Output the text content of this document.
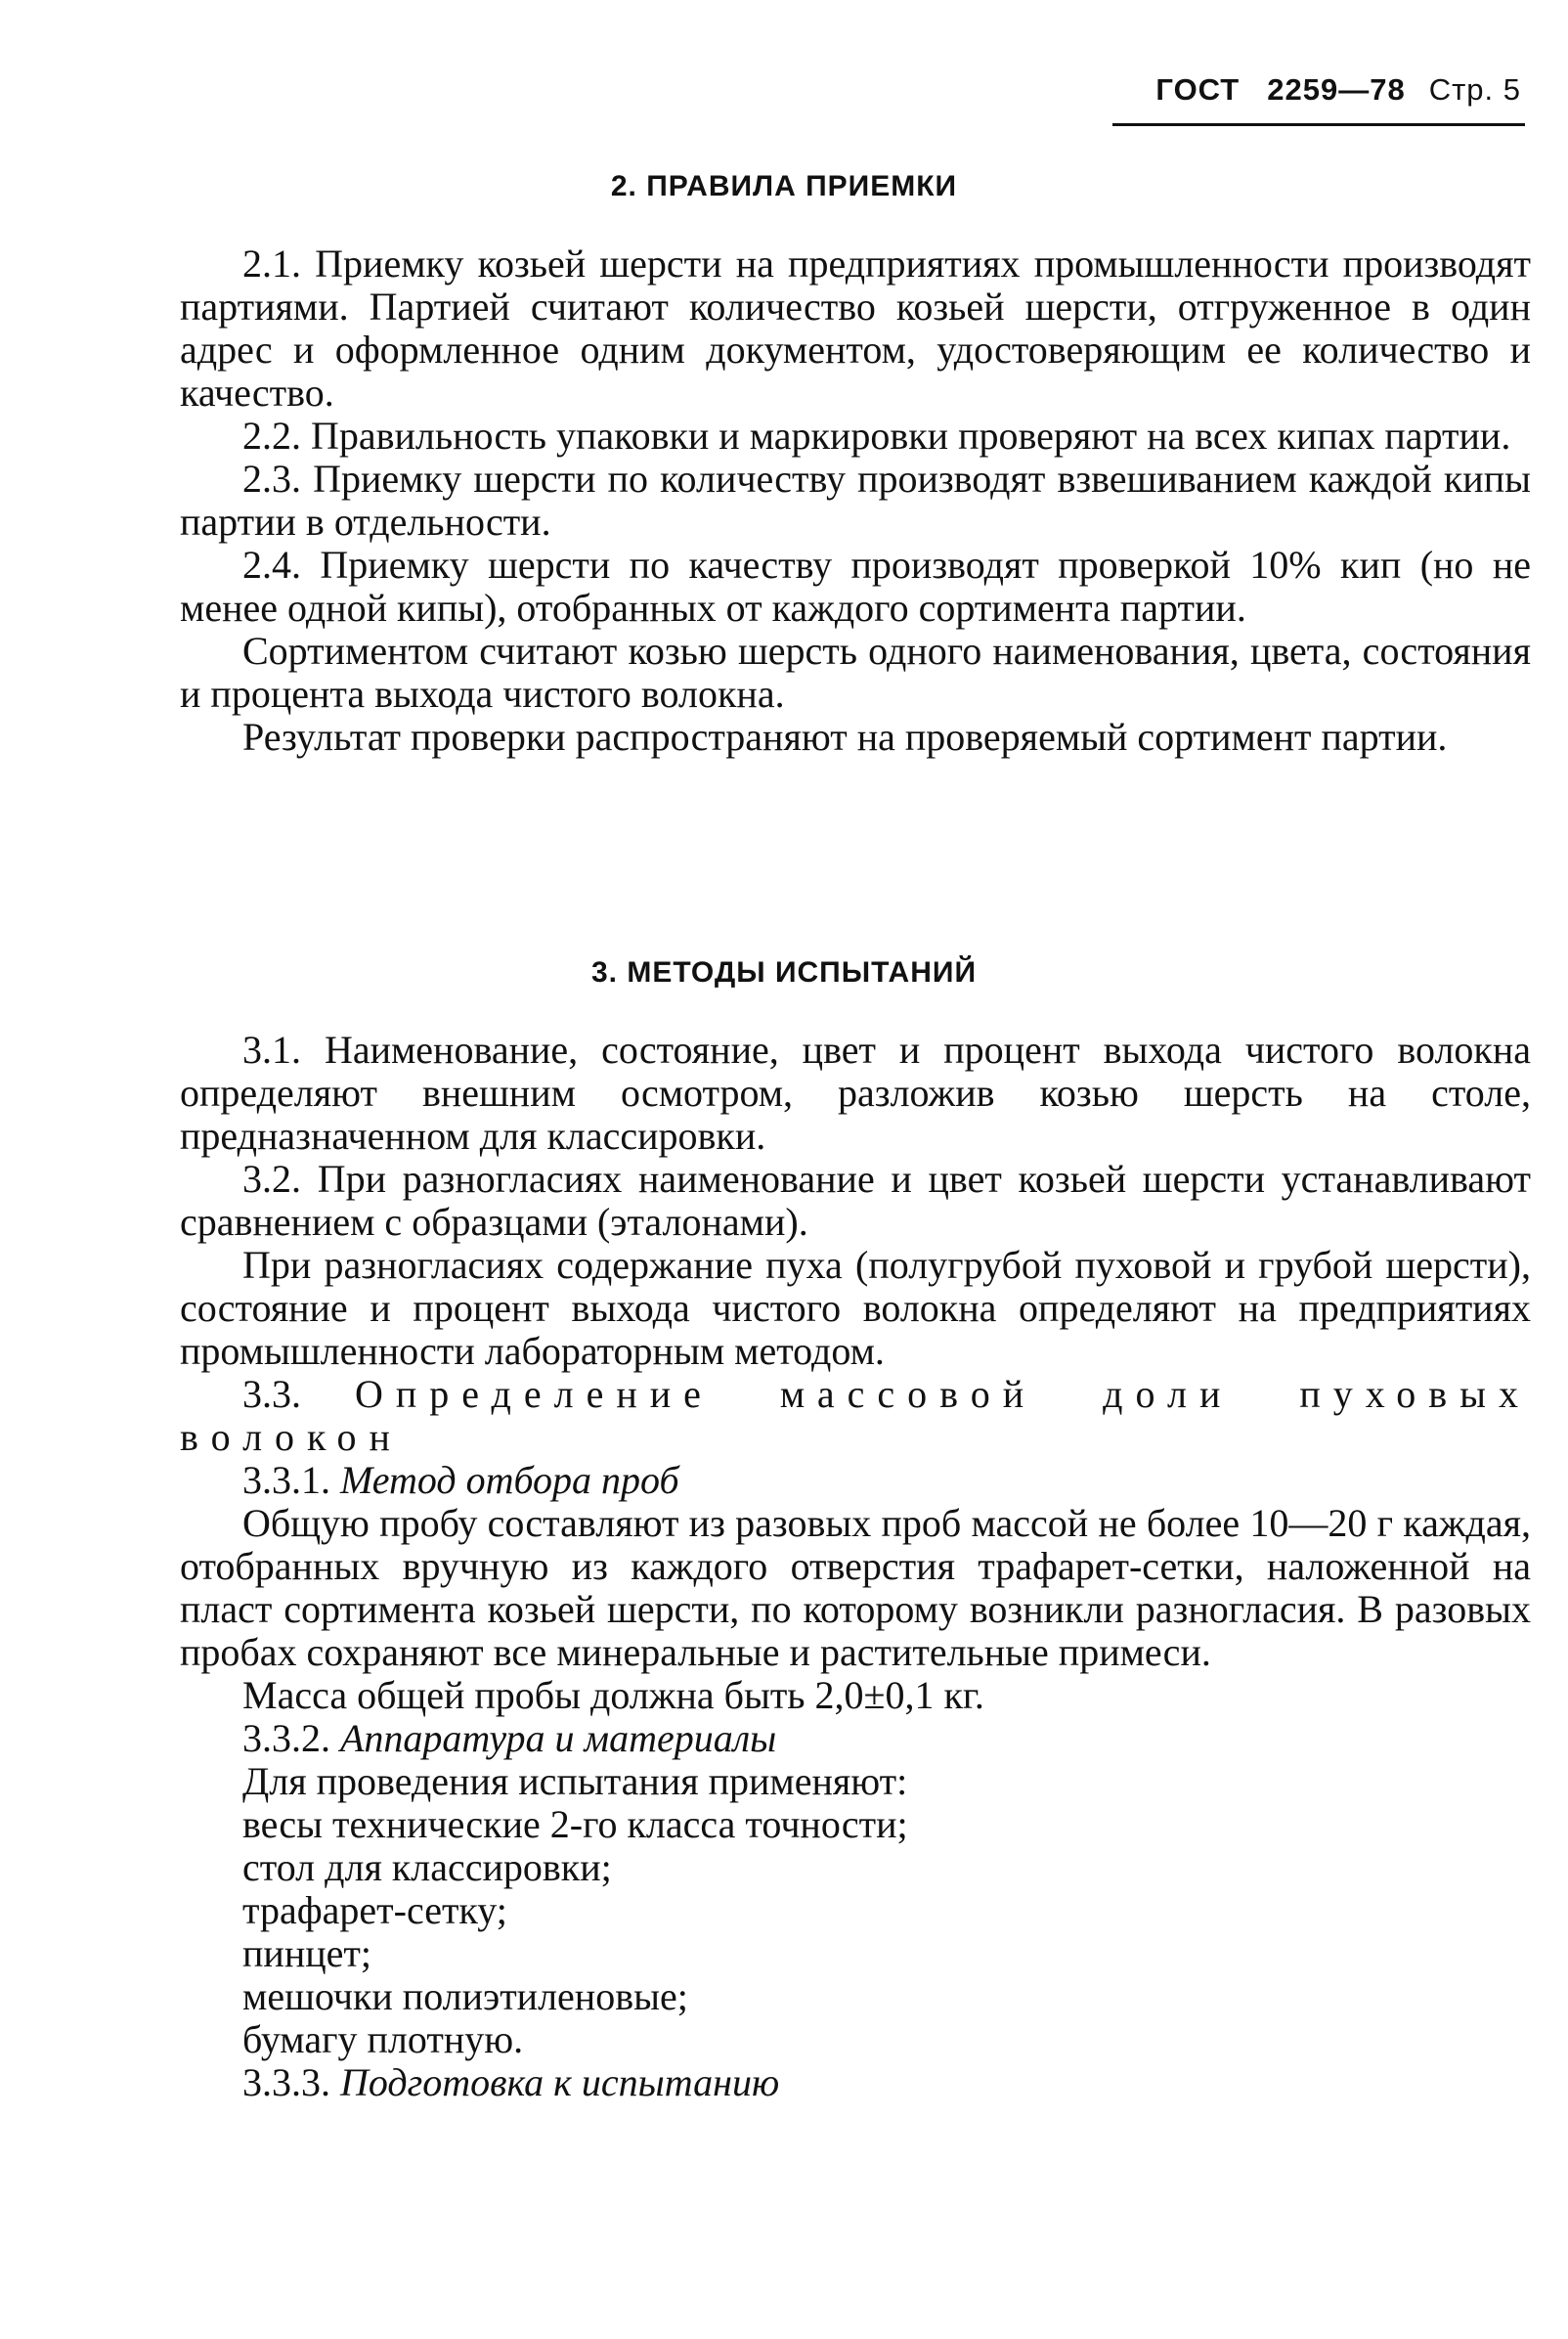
ГОСТ 2259—78 Стр. 5
2. ПРАВИЛА ПРИЕМКИ

2.1. Приемку козьей шерсти на предприятиях промышленности производят партиями. Партией считают количество козьей шерсти, отгруженное в один адрес и оформленное одним документом, удостоверяющим ее количество и качество.

2.2. Правильность упаковки и маркировки проверяют на всех кипах партии.

2.3. Приемку шерсти по количеству производят взвешиванием каждой кипы партии в отдельности.

2.4. Приемку шерсти по качеству производят проверкой 10% кип (но не менее одной кипы), отобранных от каждого сортимента партии.

Сортиментом считают козью шерсть одного наименования, цвета, состояния и процента выхода чистого волокна.

Результат проверки распространяют на проверяемый сортимент партии.

3. МЕТОДЫ ИСПЫТАНИЙ

3.1. Наименование, состояние, цвет и процент выхода чистого волокна определяют внешним осмотром, разложив козью шерсть на столе, предназначенном для классировки.

3.2. При разногласиях наименование и цвет козьей шерсти устанавливают сравнением с образцами (эталонами).

При разногласиях содержание пуха (полугрубой пуховой и грубой шерсти), состояние и процент выхода чистого волокна определяют на предприятиях промышленности лабораторным методом.

3.3. Определение массовой доли пуховых волокон

3.3.1. Метод отбора проб

Общую пробу составляют из разовых проб массой не более 10—20 г каждая, отобранных вручную из каждого отверстия трафарет-сетки, наложенной на пласт сортимента козьей шерсти, по которому возникли разногласия. В разовых пробах сохраняют все минеральные и растительные примеси.

Масса общей пробы должна быть 2,0±0,1 кг.

3.3.2. Аппаратура и материалы

Для проведения испытания применяют:

весы технические 2-го класса точности;

стол для классировки;

трафарет-сетку;

пинцет;

мешочки полиэтиленовые;

бумагу плотную.

3.3.3. Подготовка к испытанию
